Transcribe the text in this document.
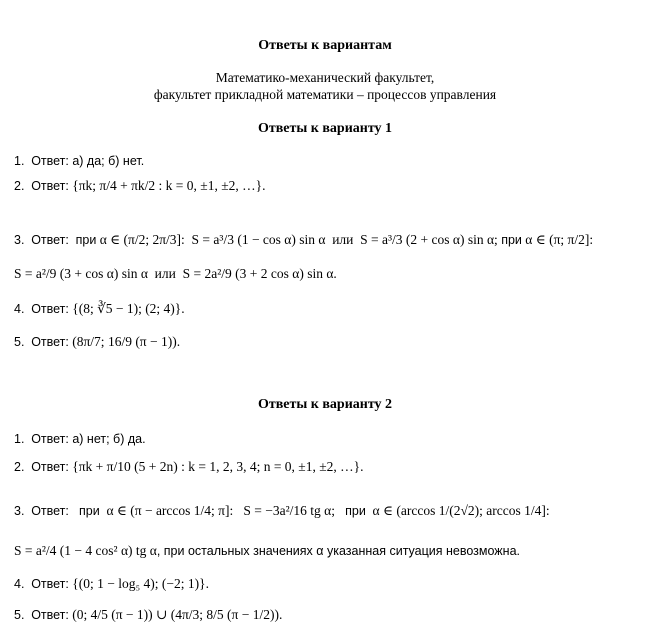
Ответы к вариантам
Математико-механический факультет,
факультет прикладной математики – процессов управления
Ответы к варианту 1
1. Ответ: а) да; б) нет.
2. Ответ: {πk; π/4 + πk/2 : k = 0, ±1, ±2, …}.
3. Ответ: при α ∈ (π/2; 2π/3]: S = a³/3 (1 − cos α) sin α или S = a³/3 (2 + cos α) sin α; при α ∈ (π; π/2]:
S = a²/9 (3 + cos α) sin α или S = 2a²/9 (3 + 2 cos α) sin α.
4. Ответ: {(8; ∛5 − 1); (2; 4)}.
5. Ответ: (8π/7; 16/9 (π − 1)).
Ответы к варианту 2
1. Ответ: а) нет; б) да.
2. Ответ: {πk + π/10 (5 + 2n) : k = 1, 2, 3, 4; n = 0, ±1, ±2, …}.
3. Ответ: при α ∈ (π − arccos 1/4; π]: S = −3a²/16 tg α; при α ∈ (arccos 1/(2√2); arccos 1/4]:
S = a²/4 (1 − 4 cos² α) tg α, при остальных значениях α указанная ситуация невозможна.
4. Ответ: {(0; 1 − log₅ 4); (−2; 1)}.
5. Ответ: (0; 4/5 (π − 1)) ∪ (4π/3; 8/5 (π − 1/2)).
